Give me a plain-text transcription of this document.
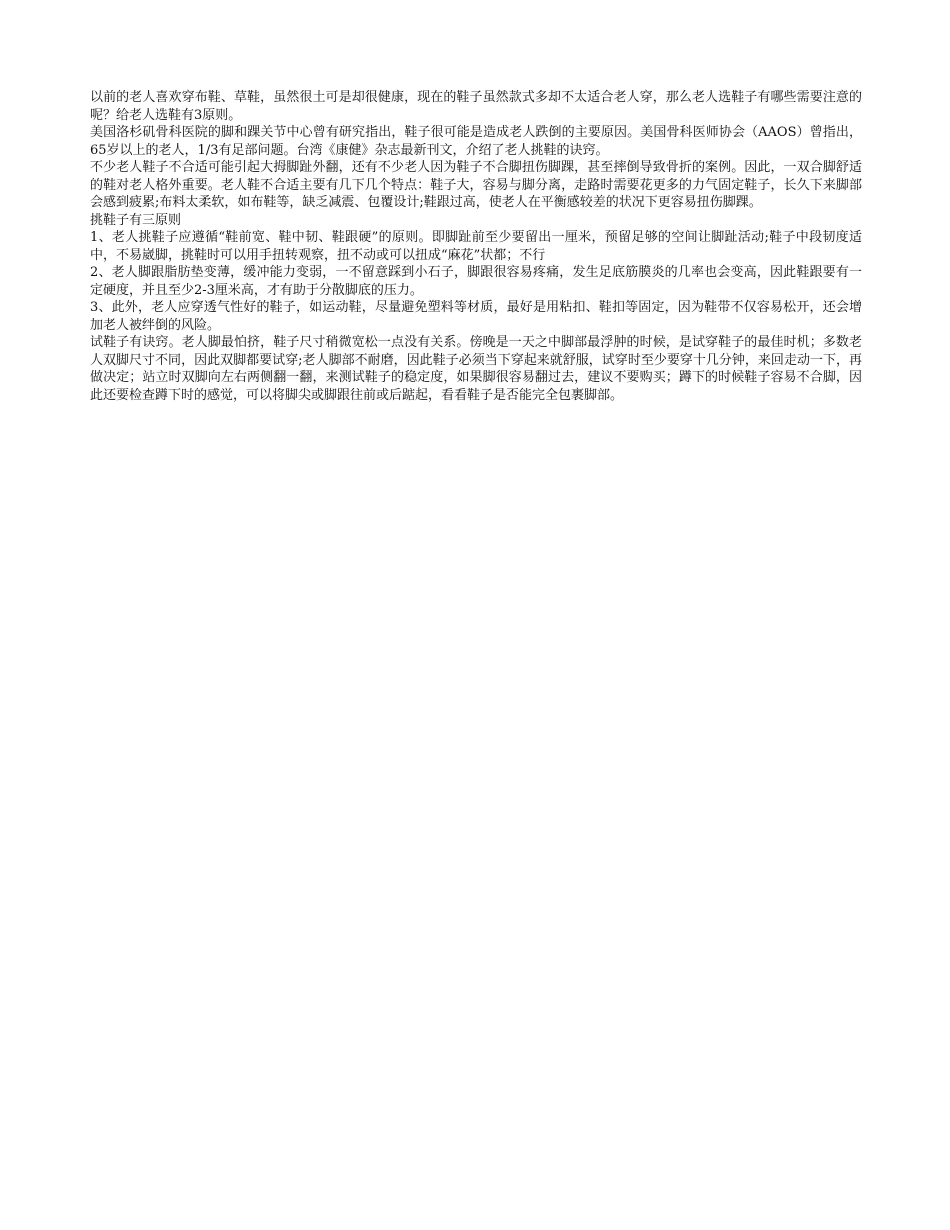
以前的老人喜欢穿布鞋、草鞋，虽然很土可是却很健康，现在的鞋子虽然款式多却不太适合老人穿，那么老人选鞋子有哪些需要注意的呢？给老人选鞋有3原则。

美国洛杉矶骨科医院的脚和踝关节中心曾有研究指出，鞋子很可能是造成老人跌倒的主要原因。美国骨科医师协会（AAOS）曾指出，65岁以上的老人，1/3有足部问题。台湾《康健》杂志最新刊文，介绍了老人挑鞋的诀窍。

不少老人鞋子不合适可能引起大拇脚趾外翻，还有不少老人因为鞋子不合脚扭伤脚踝，甚至摔倒导致骨折的案例。因此，一双合脚舒适的鞋对老人格外重要。老人鞋不合适主要有几下几个特点：鞋子大，容易与脚分离，走路时需要花更多的力气固定鞋子，长久下来脚部会感到疲累;布料太柔软，如布鞋等，缺乏减震、包覆设计;鞋跟过高，使老人在平衡感较差的状况下更容易扭伤脚踝。

挑鞋子有三原则

1、老人挑鞋子应遵循“鞋前宽、鞋中韧、鞋跟硬”的原则。即脚趾前至少要留出一厘米，预留足够的空间让脚趾活动;鞋子中段韧度适中，不易崴脚，挑鞋时可以用手扭转观察，扭不动或可以扭成“麻花”状都；不行

2、老人脚跟脂肪垫变薄，缓冲能力变弱，一不留意踩到小石子，脚跟很容易疼痛，发生足底筋膜炎的几率也会变高，因此鞋跟要有一定硬度，并且至少2-3厘米高，才有助于分散脚底的压力。

3、此外，老人应穿透气性好的鞋子，如运动鞋，尽量避免塑料等材质，最好是用粘扣、鞋扣等固定，因为鞋带不仅容易松开，还会增加老人被绊倒的风险。

试鞋子有诀窍。老人脚最怕挤，鞋子尺寸稍微宽松一点没有关系。傍晚是一天之中脚部最浮肿的时候，是试穿鞋子的最佳时机；多数老人双脚尺寸不同，因此双脚都要试穿;老人脚部不耐磨，因此鞋子必须当下穿起来就舒服，试穿时至少要穿十几分钟，来回走动一下，再做决定；站立时双脚向左右两侧翻一翻，来测试鞋子的稳定度，如果脚很容易翻过去，建议不要购买；蹲下的时候鞋子容易不合脚，因此还要检查蹲下时的感觉，可以将脚尖或脚跟往前或后踮起，看看鞋子是否能完全包裹脚部。
